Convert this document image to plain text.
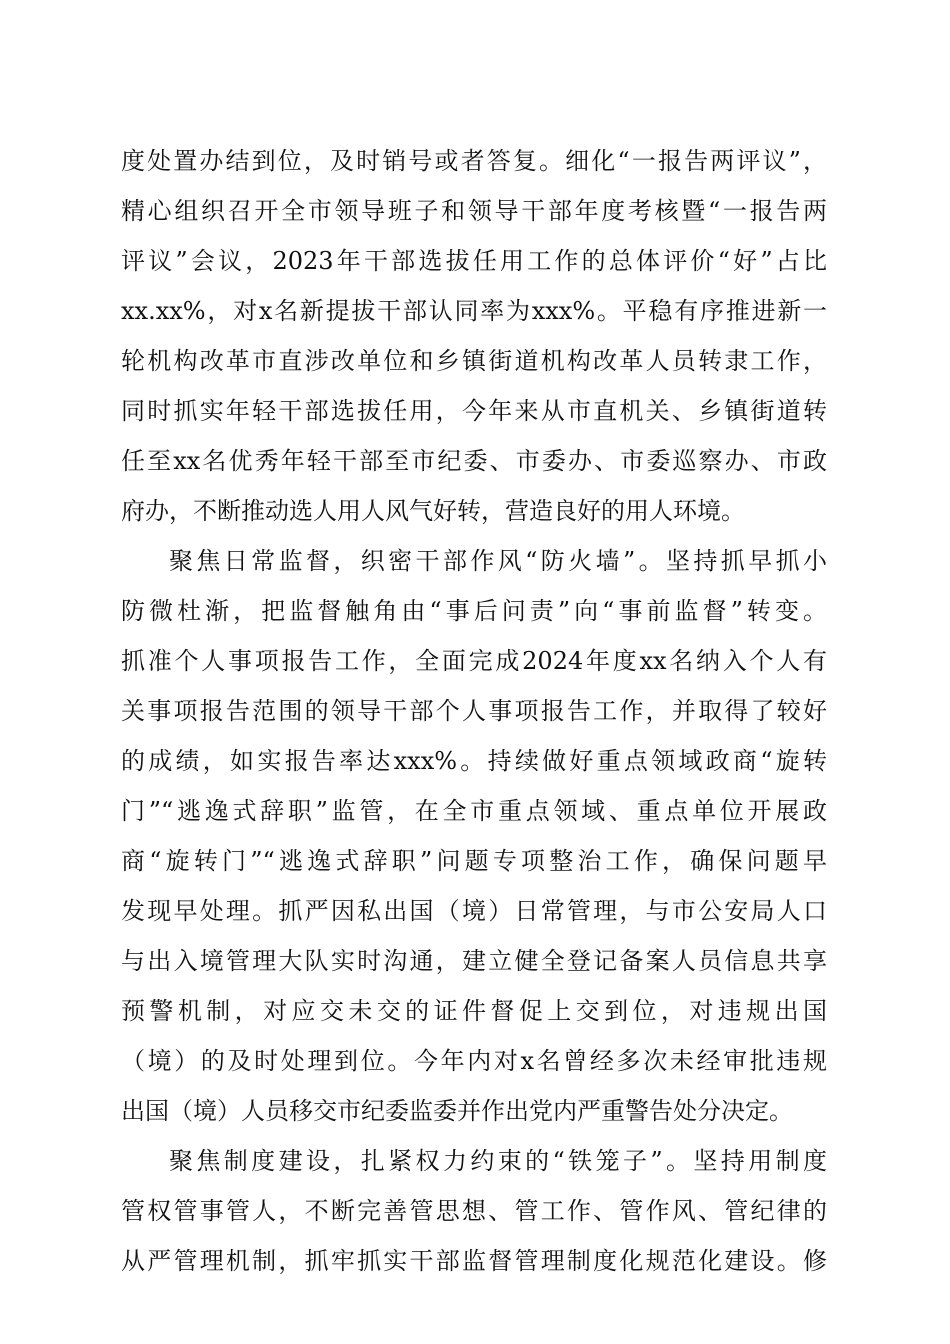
度处置办结到位，及时销号或者答复。细化“一报告两评议”，
精心组织召开全市领导班子和领导干部年度考核暨“一报告两
评议”会议，2023年干部选拔任用工作的总体评价“好”占比
xx.xx%，对x名新提拔干部认同率为xxx%。平稳有序推进新一
轮机构改革市直涉改单位和乡镇街道机构改革人员转隶工作，
同时抓实年轻干部选拔任用，今年来从市直机关、乡镇街道转
任至xx名优秀年轻干部至市纪委、市委办、市委巡察办、市政
府办，不断推动选人用人风气好转，营造良好的用人环境。
聚焦日常监督，织密干部作风“防火墙”。坚持抓早抓小
防微杜渐，把监督触角由“事后问责”向“事前监督”转变。
抓准个人事项报告工作，全面完成2024年度xx名纳入个人有
关事项报告范围的领导干部个人事项报告工作，并取得了较好
的成绩，如实报告率达xxx%。持续做好重点领域政商“旋转
门”“逃逸式辞职”监管，在全市重点领域、重点单位开展政
商“旋转门”“逃逸式辞职”问题专项整治工作，确保问题早
发现早处理。抓严因私出国（境）日常管理，与市公安局人口
与出入境管理大队实时沟通，建立健全登记备案人员信息共享
预警机制，对应交未交的证件督促上交到位，对违规出国
（境）的及时处理到位。今年内对x名曾经多次未经审批违规
出国（境）人员移交市纪委监委并作出党内严重警告处分决定。
聚焦制度建设，扎紧权力约束的“铁笼子”。坚持用制度
管权管事管人，不断完善管思想、管工作、管作风、管纪律的
从严管理机制，抓牢抓实干部监督管理制度化规范化建设。修
